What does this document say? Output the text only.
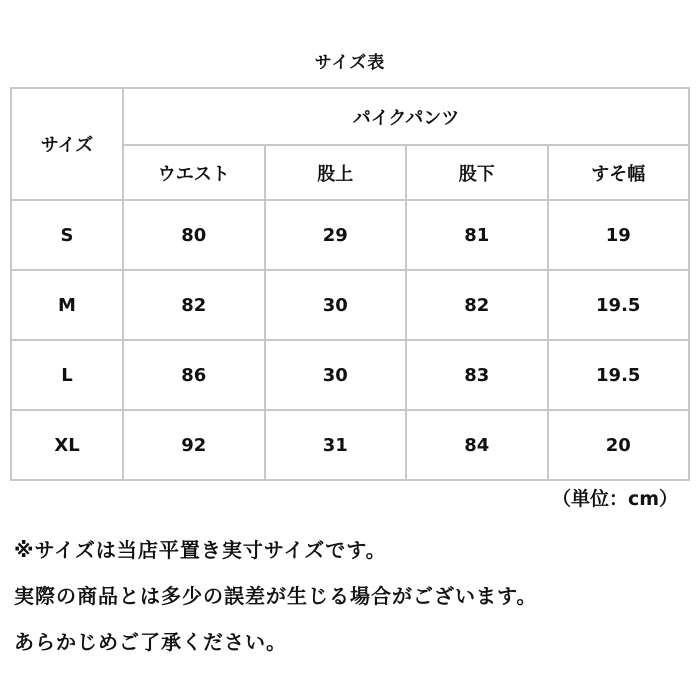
サイズ表
サイズ	パイクパンツ			
	ウエスト	股上	股下	すそ幅
S	80	29	81	19
M	82	30	82	19.5
L	86	30	83	19.5
XL	92	31	84	20
（単位：cm）
※サイズは当店平置き実寸サイズです。
実際の商品とは多少の誤差が生じる場合がございます。
あらかじめご了承ください。
